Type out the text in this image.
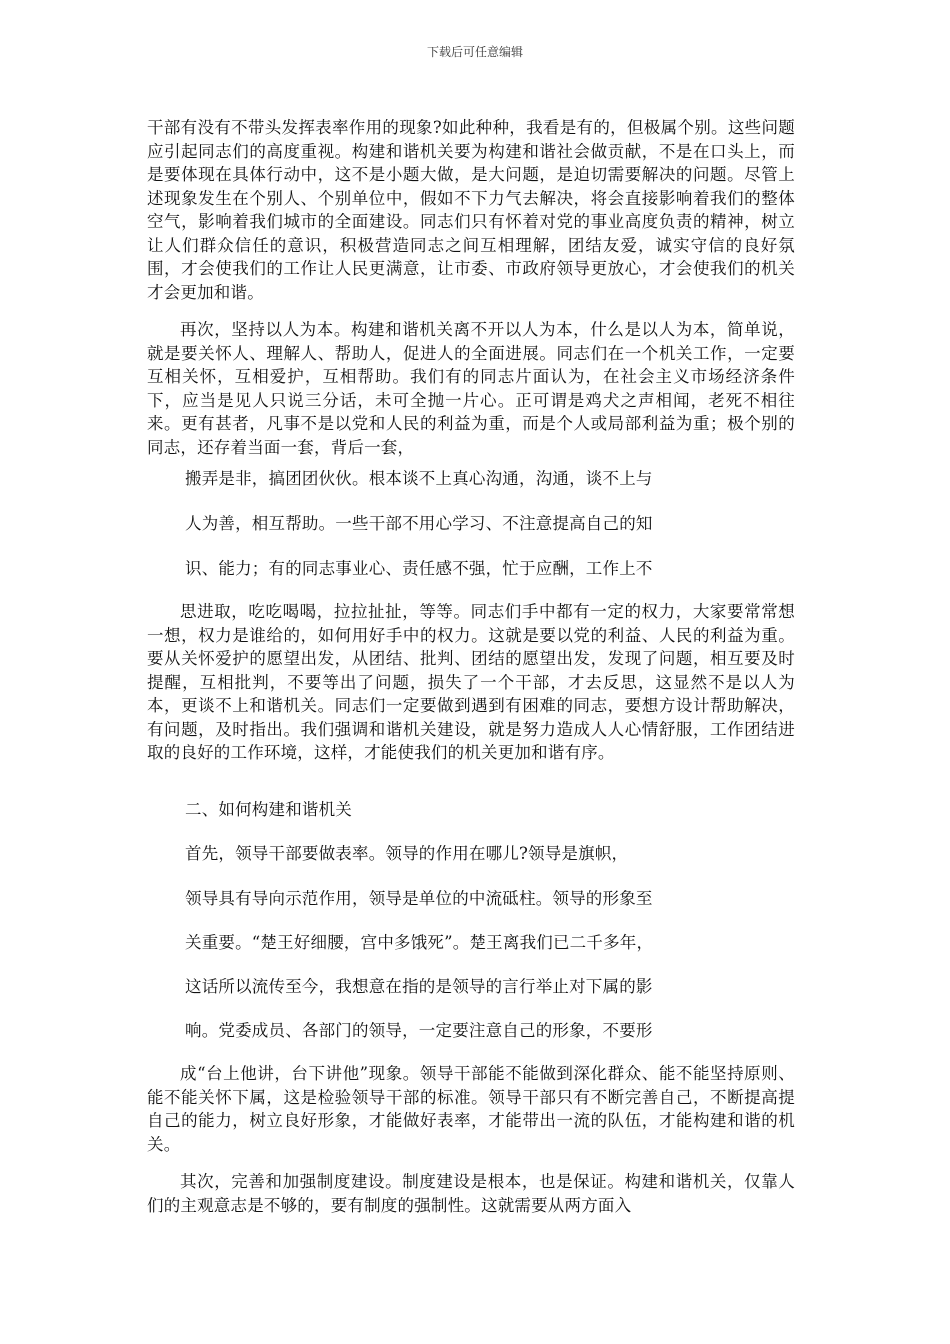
下载后可任意编辑

干部有没有不带头发挥表率作用的现象?如此种种，我看是有的，但极属个别。这些问题应引起同志们的高度重视。构建和谐机关要为构建和谐社会做贡献，不是在口头上，而是要体现在具体行动中，这不是小题大做，是大问题，是迫切需要解决的问题。尽管上述现象发生在个别人、个别单位中，假如不下力气去解决，将会直接影响着我们的整体空气，影响着我们城市的全面建设。同志们只有怀着对党的事业高度负责的精神，树立让人们群众信任的意识，积极营造同志之间互相理解，团结友爱，诚实守信的良好氛围，才会使我们的工作让人民更满意，让市委、市政府领导更放心，才会使我们的机关才会更加和谐。

再次，坚持以人为本。构建和谐机关离不开以人为本，什么是以人为本，简单说，就是要关怀人、理解人、帮助人，促进人的全面进展。同志们在一个机关工作，一定要互相关怀，互相爱护，互相帮助。我们有的同志片面认为，在社会主义市场经济条件下，应当是见人只说三分话，未可全抛一片心。正可谓是鸡犬之声相闻，老死不相往来。更有甚者，凡事不是以党和人民的利益为重，而是个人或局部利益为重；极个别的同志，还存着当面一套，背后一套，

搬弄是非，搞团团伙伙。根本谈不上真心沟通，沟通，谈不上与
人为善，相互帮助。一些干部不用心学习、不注意提高自己的知
识、能力；有的同志事业心、责任感不强，忙于应酬，工作上不

思进取，吃吃喝喝，拉拉扯扯，等等。同志们手中都有一定的权力，大家要常常想一想，权力是谁给的，如何用好手中的权力。这就是要以党的利益、人民的利益为重。要从关怀爱护的愿望出发，从团结、批判、团结的愿望出发，发现了问题，相互要及时提醒，互相批判，不要等出了问题，损失了一个干部，才去反思，这显然不是以人为本，更谈不上和谐机关。同志们一定要做到遇到有困难的同志，要想方设计帮助解决，有问题，及时指出。我们强调和谐机关建设，就是努力造成人人心情舒服，工作团结进取的良好的工作环境，这样，才能使我们的机关更加和谐有序。

二、如何构建和谐机关
首先，领导干部要做表率。领导的作用在哪儿?领导是旗帜，
领导具有导向示范作用，领导是单位的中流砥柱。领导的形象至
关重要。“楚王好细腰，宫中多饿死”。楚王离我们已二千多年，
这话所以流传至今，我想意在指的是领导的言行举止对下属的影
响。党委成员、各部门的领导，一定要注意自己的形象，不要形

成“台上他讲，台下讲他”现象。领导干部能不能做到深化群众、能不能坚持原则、能不能关怀下属，这是检验领导干部的标准。领导干部只有不断完善自己，不断提高提自己的能力，树立良好形象，才能做好表率，才能带出一流的队伍，才能构建和谐的机关。

其次，完善和加强制度建设。制度建设是根本，也是保证。构建和谐机关，仅靠人们的主观意志是不够的，要有制度的强制性。这就需要从两方面入
